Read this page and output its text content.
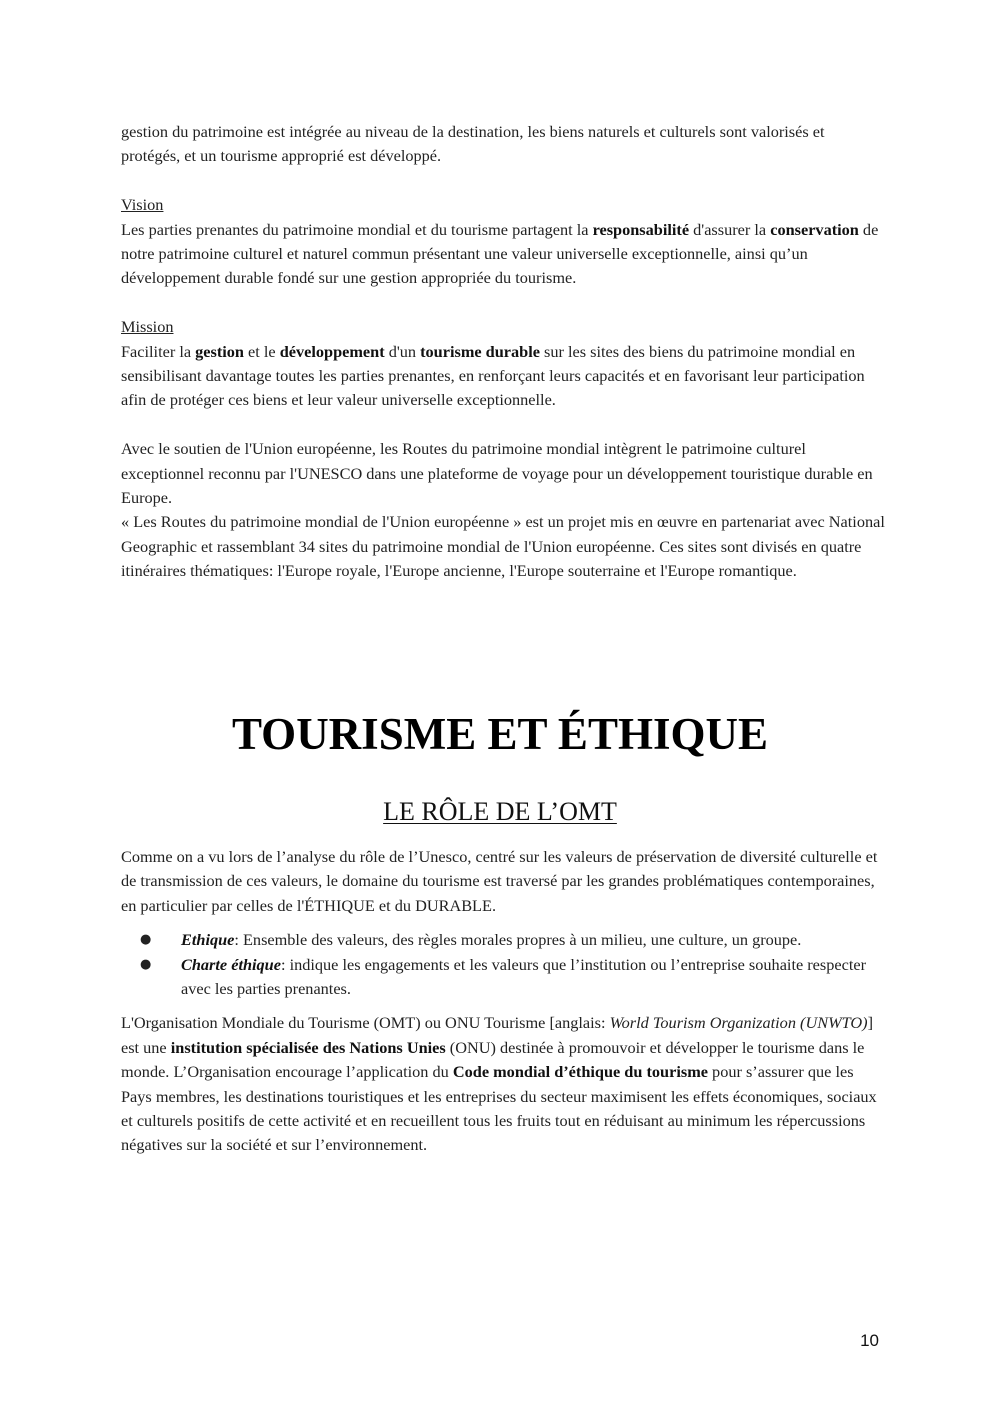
gestion du patrimoine est intégrée au niveau de la destination, les biens naturels et culturels sont valorisés et protégés, et un tourisme approprié est développé.

Vision

Les parties prenantes du patrimoine mondial et du tourisme partagent la responsabilité d'assurer la conservation de notre patrimoine culturel et naturel commun présentant une valeur universelle exceptionnelle, ainsi qu’un développement durable fondé sur une gestion appropriée du tourisme.

Mission

Faciliter la gestion et le développement d'un tourisme durable sur les sites des biens du patrimoine mondial en sensibilisant davantage toutes les parties prenantes, en renforçant leurs capacités et en favorisant leur participation afin de protéger ces biens et leur valeur universelle exceptionnelle.

Avec le soutien de l'Union européenne, les Routes du patrimoine mondial intègrent le patrimoine culturel exceptionnel reconnu par l'UNESCO dans une plateforme de voyage pour un développement touristique durable en Europe.

« Les Routes du patrimoine mondial de l'Union européenne » est un projet mis en œuvre en partenariat avec National Geographic et rassemblant 34 sites du patrimoine mondial de l'Union européenne. Ces sites sont divisés en quatre itinéraires thématiques: l'Europe royale, l'Europe ancienne, l'Europe souterraine et l'Europe romantique.

TOURISME ET ÉTHIQUE
LE RÔLE DE L’OMT

Comme on a vu lors de l’analyse du rôle de l’Unesco, centré sur les valeurs de préservation de diversité culturelle et de transmission de ces valeurs, le domaine du tourisme est traversé par les grandes problématiques contemporaines, en particulier par celles de l'ÉTHIQUE et du DURABLE.

● Ethique: Ensemble des valeurs, des règles morales propres à un milieu, une culture, un groupe.
● Charte éthique: indique les engagements et les valeurs que l’institution ou l’entreprise souhaite respecter avec les parties prenantes.

L'Organisation Mondiale du Tourisme (OMT) ou ONU Tourisme [anglais: World Tourism Organization (UNWTO)] est une institution spécialisée des Nations Unies (ONU) destinée à promouvoir et développer le tourisme dans le monde. L’Organisation encourage l’application du Code mondial d’éthique du tourisme pour s’assurer que les Pays membres, les destinations touristiques et les entreprises du secteur maximisent les effets économiques, sociaux et culturels positifs de cette activité et en recueillent tous les fruits tout en réduisant au minimum les répercussions négatives sur la société et sur l’environnement.

10
